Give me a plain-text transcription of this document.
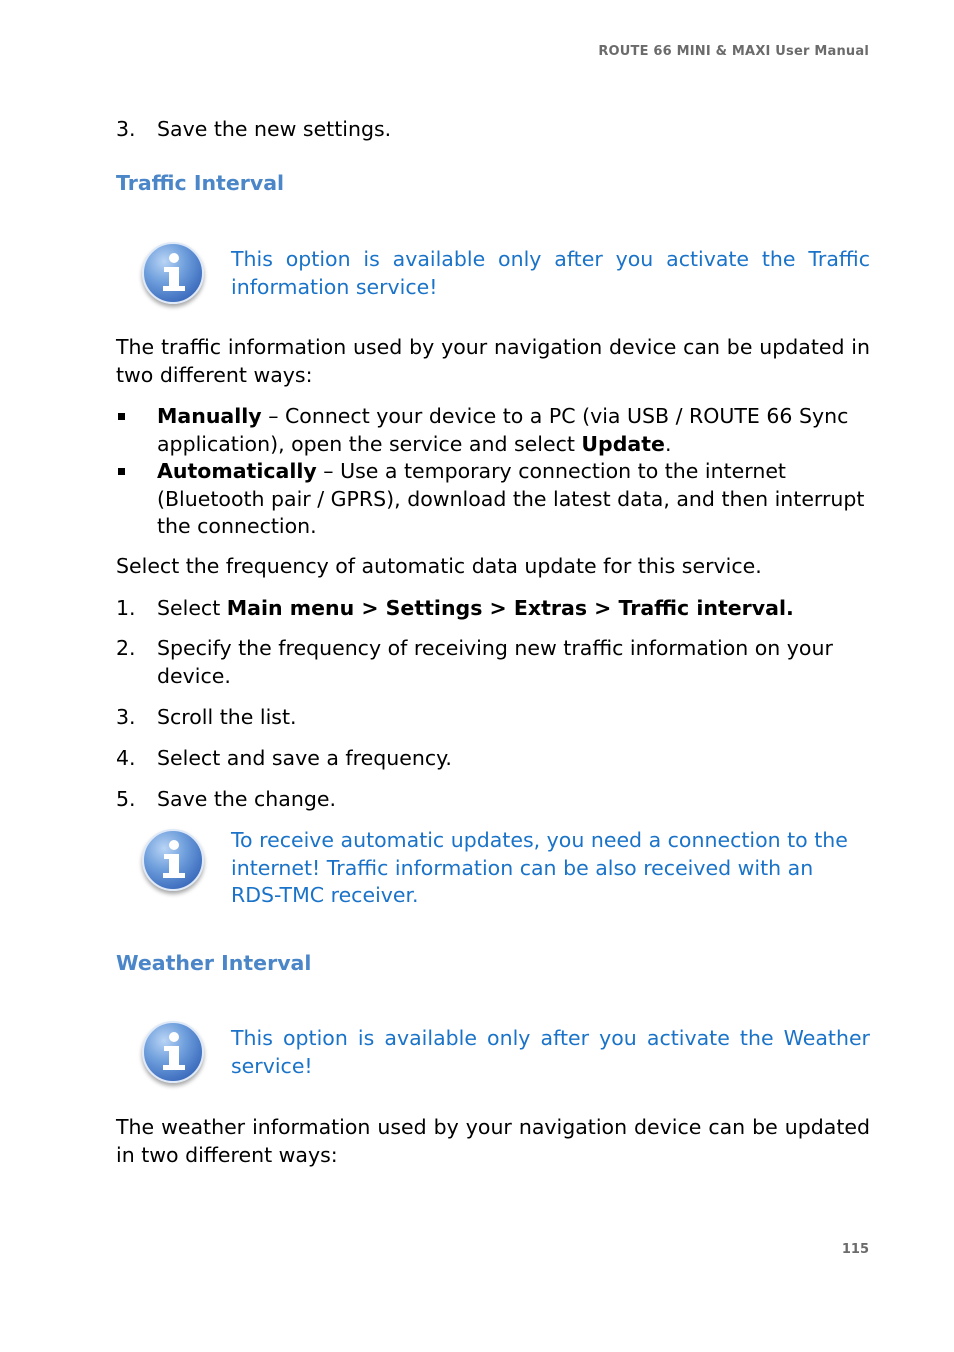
ROUTE 66 MINI & MAXI User Manual
3.	Save the new settings.
Traffic Interval
This option is available only after you activate the Traffic information service!
The traffic information used by your navigation device can be updated in two different ways:
Manually – Connect your device to a PC (via USB / ROUTE 66 Sync application), open the service and select Update.
Automatically – Use a temporary connection to the internet (Bluetooth pair / GPRS), download the latest data, and then interrupt the connection.
Select the frequency of automatic data update for this service.
1.	Select Main menu > Settings > Extras > Traffic interval.
2.	Specify the frequency of receiving new traffic information on your device.
3.	Scroll the list.
4.	Select and save a frequency.
5.	Save the change.
To receive automatic updates, you need a connection to the internet! Traffic information can be also received with an RDS-TMC receiver.
Weather Interval
This option is available only after you activate the Weather service!
The weather information used by your navigation device can be updated in two different ways:
115
